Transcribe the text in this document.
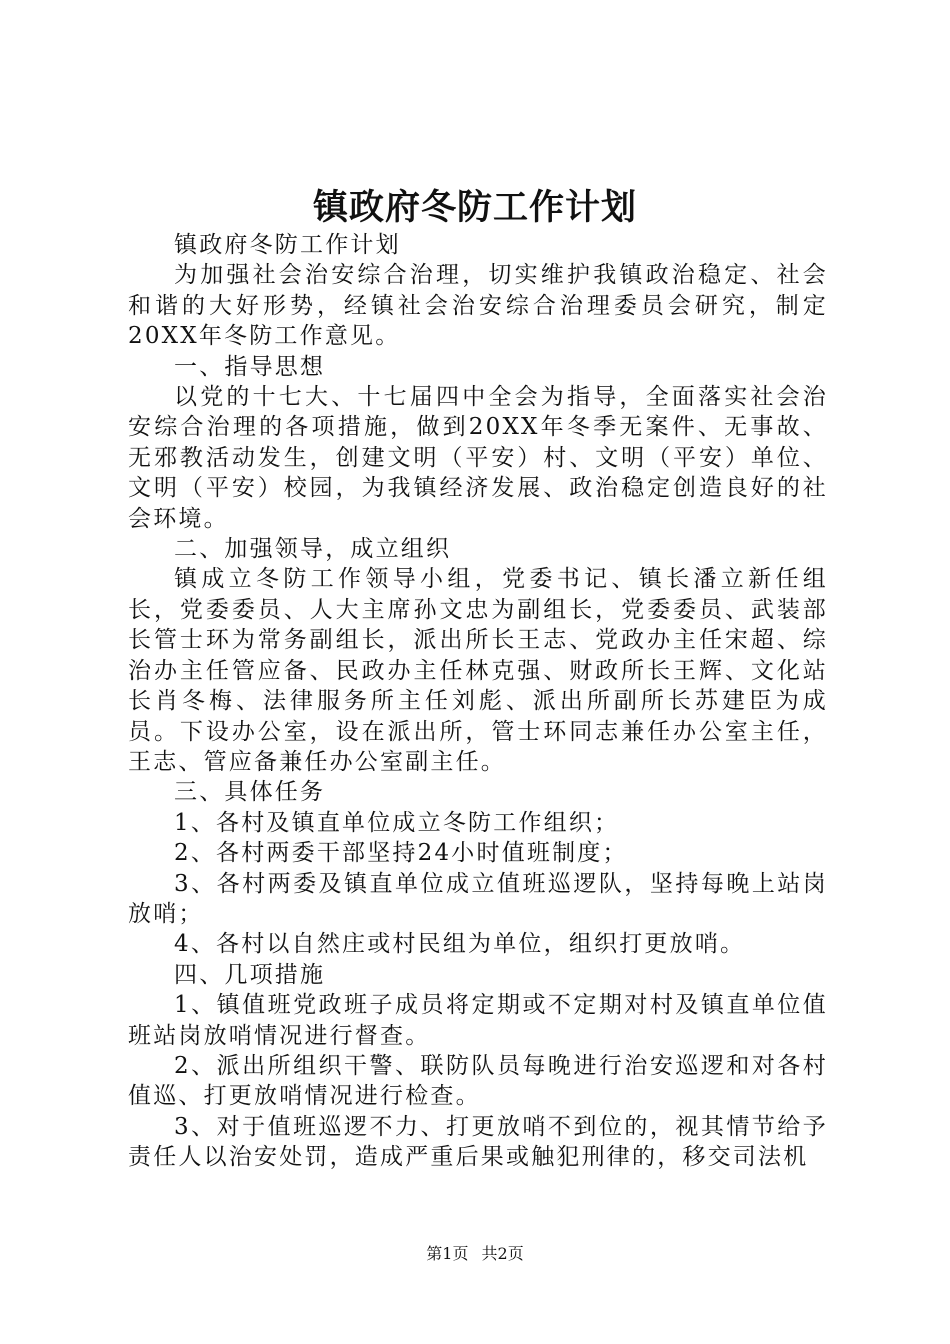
镇政府冬防工作计划

镇政府冬防工作计划

为加强社会治安综合治理，切实维护我镇政治稳定、社会和谐的大好形势，经镇社会治安综合治理委员会研究，制定20XX年冬防工作意见。

一、指导思想

以党的十七大、十七届四中全会为指导，全面落实社会治安综合治理的各项措施，做到20XX年冬季无案件、无事故、无邪教活动发生，创建文明（平安）村、文明（平安）单位、文明（平安）校园，为我镇经济发展、政治稳定创造良好的社会环境。

二、加强领导，成立组织

镇成立冬防工作领导小组，党委书记、镇长潘立新任组长，党委委员、人大主席孙文忠为副组长，党委委员、武装部长管士环为常务副组长，派出所长王志、党政办主任宋超、综治办主任管应备、民政办主任林克强、财政所长王辉、文化站长肖冬梅、法律服务所主任刘彪、派出所副所长苏建臣为成员。下设办公室，设在派出所，管士环同志兼任办公室主任，王志、管应备兼任办公室副主任。

三、具体任务

1、各村及镇直单位成立冬防工作组织；

2、各村两委干部坚持24小时值班制度；

3、各村两委及镇直单位成立值班巡逻队，坚持每晚上站岗放哨；

4、各村以自然庄或村民组为单位，组织打更放哨。

四、几项措施

1、镇值班党政班子成员将定期或不定期对村及镇直单位值班站岗放哨情况进行督查。

2、派出所组织干警、联防队员每晚进行治安巡逻和对各村值巡、打更放哨情况进行检查。

3、对于值班巡逻不力、打更放哨不到位的，视其情节给予责任人以治安处罚，造成严重后果或触犯刑律的，移交司法机

第1页 共2页
